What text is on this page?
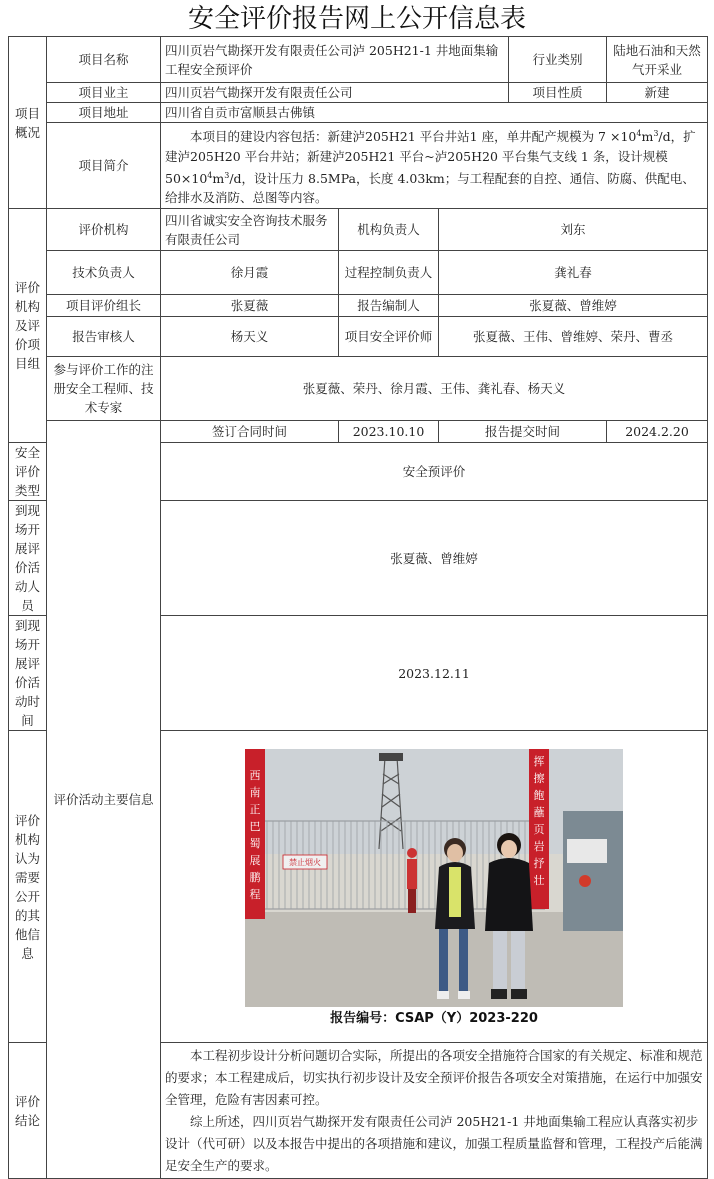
安全评价报告网上公开信息表
项目概况	项目名称	四川页岩气勘探开发有限责任公司泸 205H21-1 井地面集输工程安全预评价			行业类别	陆地石油和天然气开采业
	项目业主	四川页岩气勘探开发有限责任公司			项目性质	新建
	项目地址	四川省自贡市富顺县古佛镇				
	项目简介	本项目的建设内容包括：新建泸205H21 平台井站1 座，单井配产规模为 $7 \times 10^4m^3/d$，扩建泸205H20 平台井站；新建泸205H21 平台~泸205H20 平台集气支线 1 条，设计规模 $50\times 10^4m^3/d$，设计压力 8.5MPa，长度 4.03km；与工程配套的自控、通信、防腐、供配电、给排水及消防、总图等内容。				
评价机构及评价项目组	评价机构	四川省诚实安全咨询技术服务有限责任公司	机构负责人	刘东		
	技术负责人	徐月霞	过程控制负责人	龚礼春		
	项目评价组长	张夏薇	报告编制人	张夏薇、曾维婷		
	报告审核人	杨天义	项目安全评价师	张夏薇、王伟、曾维婷、荣丹、曹丞		
	参与评价工作的注册安全工程师、技术专家	张夏薇、荣丹、徐月霞、王伟、龚礼春、杨天义				
	评价活动主要信息	签订合同时间	2023.10.10	报告提交时间		2024.2.20
安全评价类型		安全预评价				
到现场开展评价活动人员		张夏薇、曾维婷				
到现场开展评价活动时间		2023.12.11				
评价机构认为需要公开的其他信息		西南正巴蜀展鹏程
挥擦飽蘸页岩抒壮
禁止烟火
报告编号：CSAP（Y）2023-220				

评价结论		本工程初步设计分析问题切合实际，所提出的各项安全措施符合国家的有关规定、标准和规范的要求；本工程建成后，切实执行初步设计及安全预评价报告各项安全对策措施，在运行中加强安全管理，危险有害因素可控。
综上所述，四川页岩气勘探开发有限责任公司泸 205H21-1 井地面集输工程应认真落实初步设计（代可研）以及本报告中提出的各项措施和建议，加强工程质量监督和管理，工程投产后能满足安全生产的要求。				
